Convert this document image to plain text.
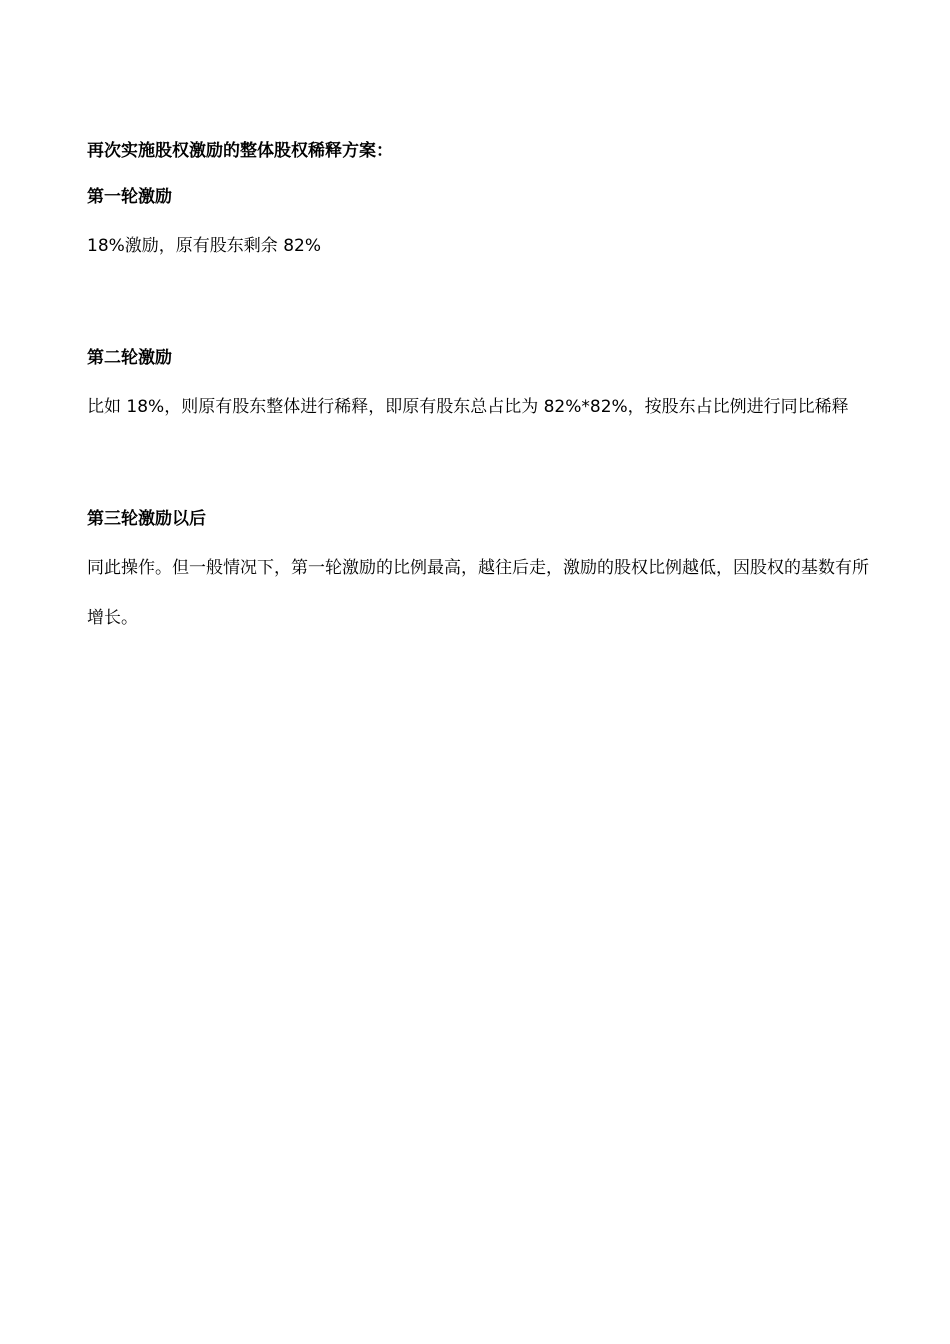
再次实施股权激励的整体股权稀释方案：

第一轮激励

18%激励，原有股东剩余 82%

第二轮激励

比如 18%，则原有股东整体进行稀释，即原有股东总占比为 82%*82%，按股东占比例进行同比稀释

第三轮激励以后

同此操作。但一般情况下，第一轮激励的比例最高，越往后走，激励的股权比例越低，因股权的基数有所增长。
